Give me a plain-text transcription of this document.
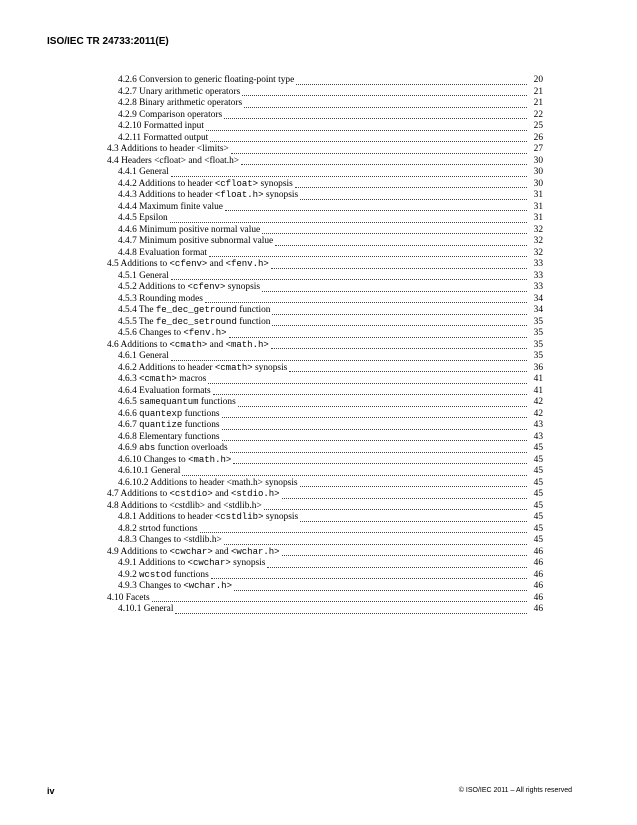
ISO/IEC TR 24733:2011(E)
4.2.6 Conversion to generic floating-point type	20
4.2.7 Unary arithmetic operators	21
4.2.8 Binary arithmetic operators	21
4.2.9 Comparison operators	22
4.2.10 Formatted input	25
4.2.11 Formatted output	26
4.3 Additions to header <limits>	27
4.4 Headers <cfloat> and <float.h>	30
4.4.1 General	30
4.4.2 Additions to header <cfloat> synopsis	30
4.4.3 Additions to header <float.h> synopsis	31
4.4.4 Maximum finite value	31
4.4.5 Epsilon	31
4.4.6 Minimum positive normal value	32
4.4.7 Minimum positive subnormal value	32
4.4.8 Evaluation format	32
4.5 Additions to <cfenv> and <fenv.h>	33
4.5.1 General	33
4.5.2 Additions to <cfenv> synopsis	33
4.5.3 Rounding modes	34
4.5.4 The fe_dec_getround function	34
4.5.5 The fe_dec_setround function	35
4.5.6 Changes to <fenv.h>	35
4.6 Additions to <cmath> and <math.h>	35
4.6.1 General	35
4.6.2 Additions to header <cmath> synopsis	36
4.6.3 <cmath> macros	41
4.6.4 Evaluation formats	41
4.6.5 samequantum functions	42
4.6.6 quantexp functions	42
4.6.7 quantize functions	43
4.6.8 Elementary functions	43
4.6.9 abs function overloads	45
4.6.10 Changes to <math.h>	45
4.6.10.1 General	45
4.6.10.2 Additions to header <math.h> synopsis	45
4.7 Additions to <cstdio> and <stdio.h>	45
4.8 Additions to <cstdlib> and <stdlib.h>	45
4.8.1 Additions to header <cstdlib> synopsis	45
4.8.2 strtod functions	45
4.8.3 Changes to <stdlib.h>	45
4.9 Additions to <cwchar> and <wchar.h>	46
4.9.1 Additions to <cwchar> synopsis	46
4.9.2 wcstod functions	46
4.9.3 Changes to <wchar.h>	46
4.10 Facets	46
4.10.1 General	46
iv	© ISO/IEC 2011 – All rights reserved
